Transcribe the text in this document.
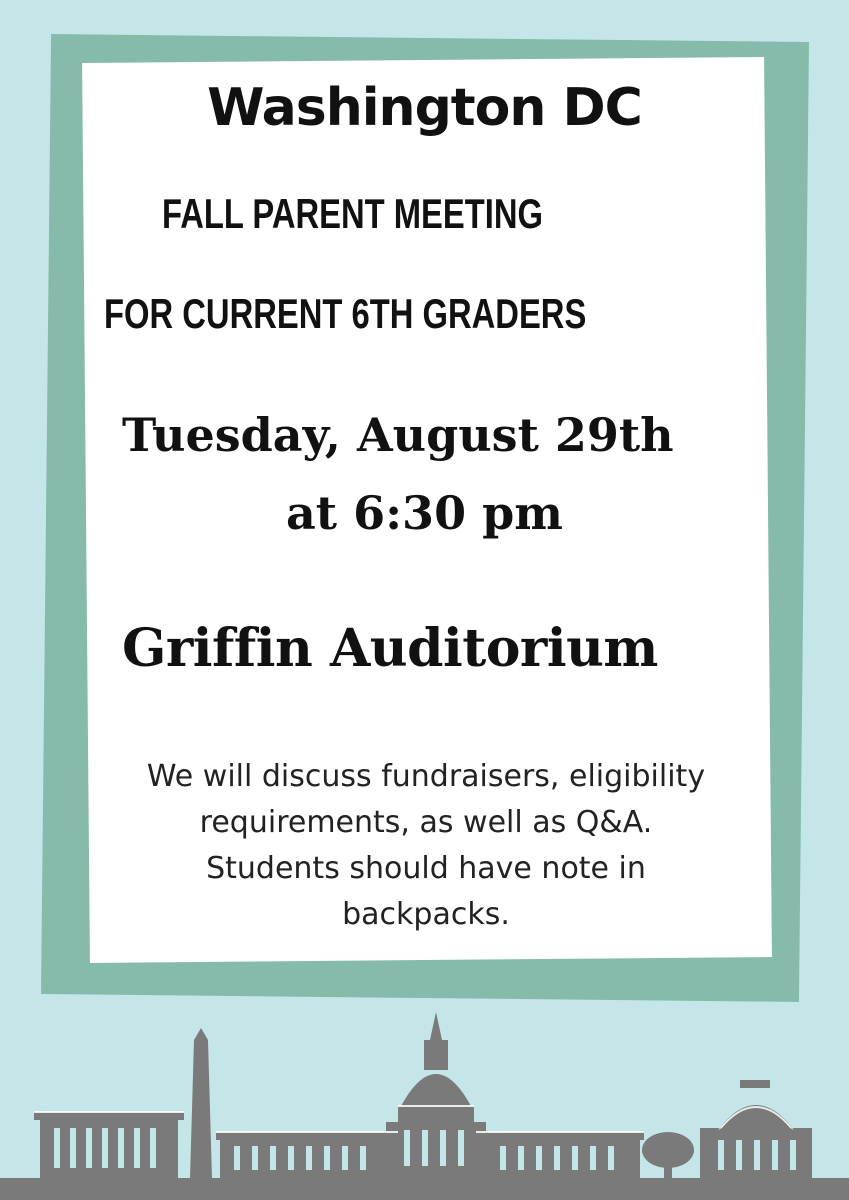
Washington DC
FALL PARENT MEETING
FOR CURRENT 6TH GRADERS

Tuesday, August 29th

at 6:30 pm

Griffin Auditorium

We will discuss fundraisers, eligibility
requirements, as well as Q&A.
Students should have note in
backpacks.
